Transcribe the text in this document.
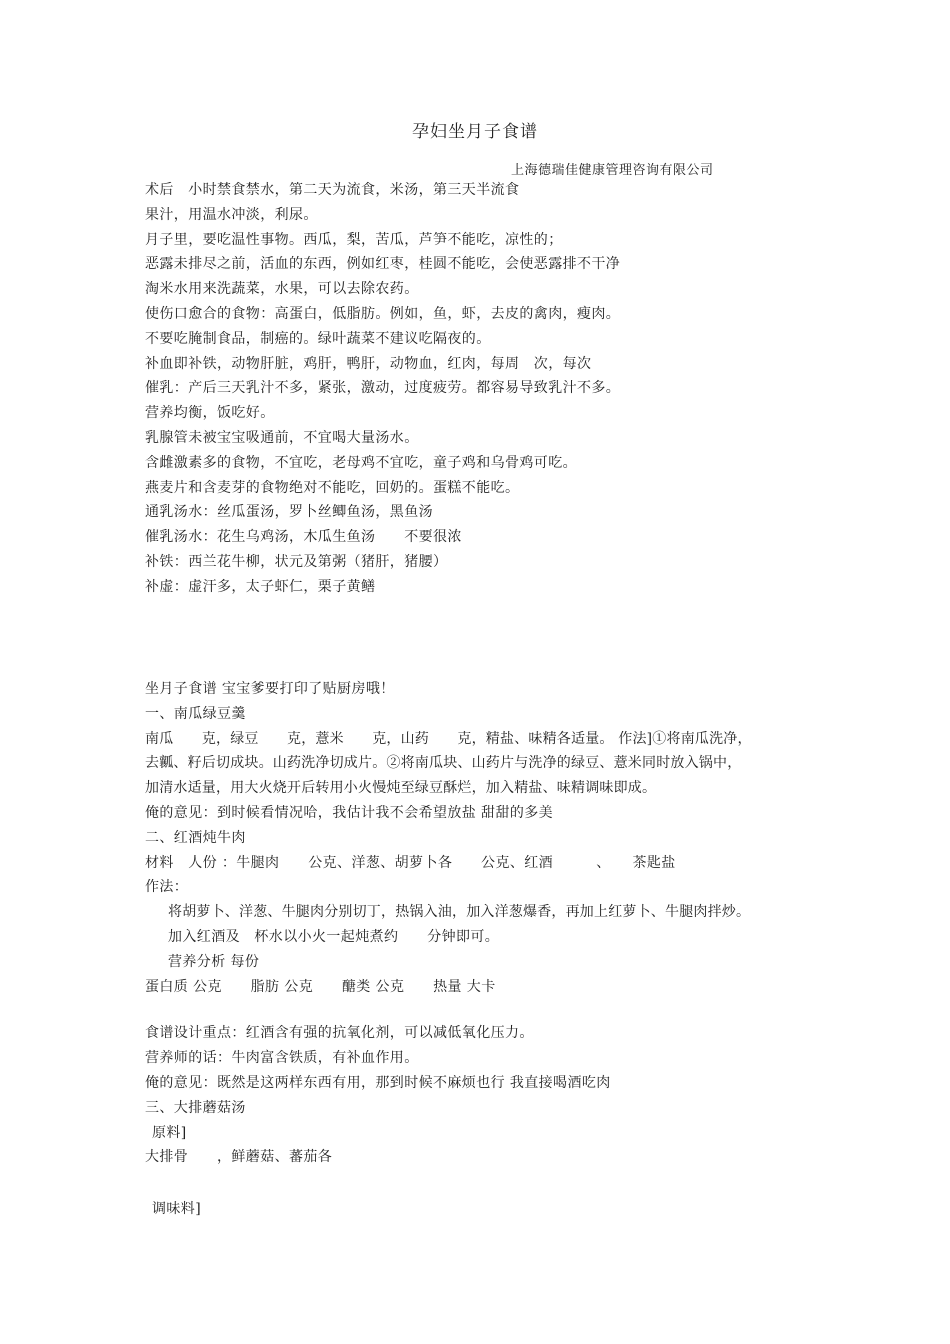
孕妇坐月子食谱
上海德瑞佳健康管理咨询有限公司
术后　小时禁食禁水，第二天为流食，米汤，第三天半流食
果汁，用温水冲淡，利尿。
月子里，要吃温性事物。西瓜，梨，苦瓜，芦笋不能吃，凉性的；
恶露未排尽之前，活血的东西，例如红枣，桂圆不能吃，会使恶露排不干净
淘米水用来洗蔬菜，水果，可以去除农药。
使伤口愈合的食物：高蛋白，低脂肪。例如，鱼，虾，去皮的禽肉，瘦肉。
不要吃腌制食品，制癌的。绿叶蔬菜不建议吃隔夜的。
补血即补铁，动物肝脏，鸡肝，鸭肝，动物血，红肉，每周　次，每次
催乳：产后三天乳汁不多，紧张，激动，过度疲劳。都容易导致乳汁不多。
营养均衡，饭吃好。
乳腺管未被宝宝吸通前，不宜喝大量汤水。
含雌激素多的食物，不宜吃，老母鸡不宜吃，童子鸡和乌骨鸡可吃。
燕麦片和含麦芽的食物绝对不能吃，回奶的。蛋糕不能吃。
通乳汤水：丝瓜蛋汤，罗卜丝鲫鱼汤，黑鱼汤
催乳汤水：花生乌鸡汤，木瓜生鱼汤　　不要很浓
补铁：西兰花牛柳，状元及第粥（猪肝，猪腰）
补虚：虚汗多，太子虾仁，栗子黄鳝
坐月子食谱 宝宝爹要打印了贴厨房哦！
一、南瓜绿豆羹
南瓜　　克，绿豆　　克，薏米　　克，山药　　克，精盐、味精各适量。 作法]①将南瓜洗净，
去瓤、籽后切成块。山药洗净切成片。②将南瓜块、山药片与洗净的绿豆、薏米同时放入锅中，
加清水适量，用大火烧开后转用小火慢炖至绿豆酥烂，加入精盐、味精调味即成。
俺的意见：到时候看情况哈，我估计我不会希望放盐 甜甜的多美
二、红酒炖牛肉
材料　人份 ：牛腿肉　　公克、洋葱、胡萝卜各　　公克、红酒　　　、　　茶匙盐
作法：
将胡萝卜、洋葱、牛腿肉分别切丁，热锅入油，加入洋葱爆香，再加上红萝卜、牛腿肉拌炒。
加入红酒及　杯水以小火一起炖煮约　　分钟即可。
营养分析 每份
蛋白质 公克　　脂肪 公克　　醣类 公克　　热量 大卡
食谱设计重点：红酒含有强的抗氧化剂，可以减低氧化压力。
营养师的话：牛肉富含铁质，有补血作用。
俺的意见：既然是这两样东西有用，那到时候不麻烦也行 我直接喝酒吃肉
三、大排蘑菇汤
原料]
大排骨　　，鲜蘑菇、蕃茄各
调味料]
